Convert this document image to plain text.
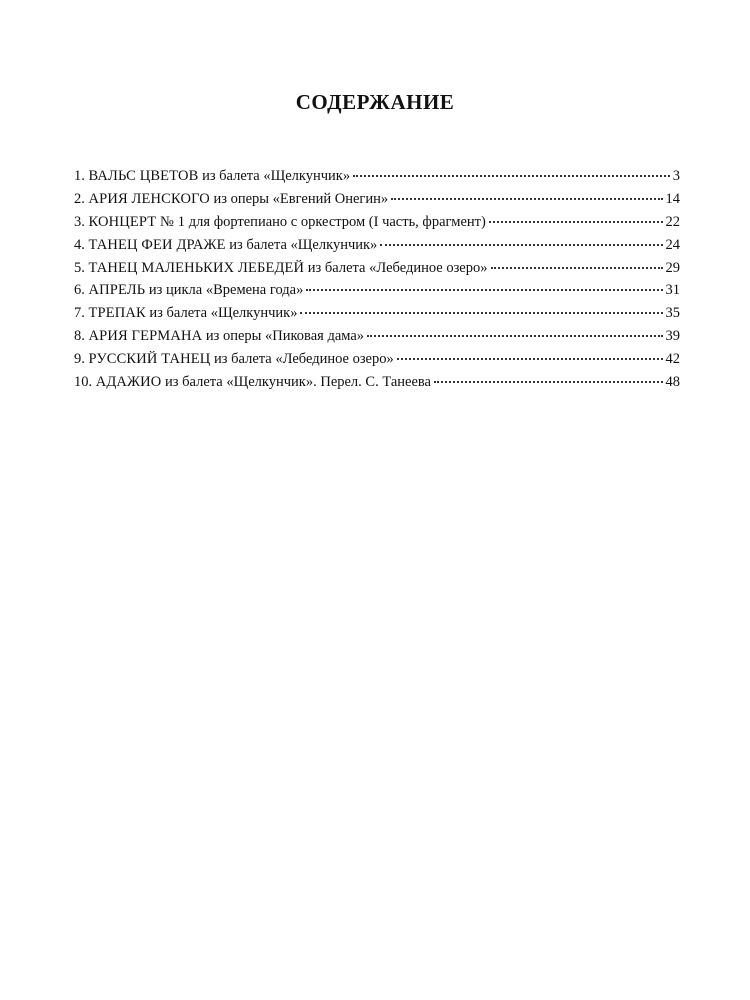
СОДЕРЖАНИЕ
1. ВАЛЬС ЦВЕТОВ из балета «Щелкунчик»	3
2. АРИЯ ЛЕНСКОГО из оперы «Евгений Онегин»	14
3. КОНЦЕРТ № 1 для фортепиано с оркестром (I часть, фрагмент)	22
4. ТАНЕЦ ФЕИ ДРАЖЕ из балета «Щелкунчик»	24
5. ТАНЕЦ МАЛЕНЬКИХ ЛЕБЕДЕЙ из балета «Лебединое озеро»	29
6. АПРЕЛЬ из цикла «Времена года»	31
7. ТРЕПАК из балета «Щелкунчик»	35
8. АРИЯ ГЕРМАНА из оперы «Пиковая дама»	39
9. РУССКИЙ ТАНЕЦ из балета «Лебединое озеро»	42
10. АДАЖИО из балета «Щелкунчик». Перел. С. Танеева	48
